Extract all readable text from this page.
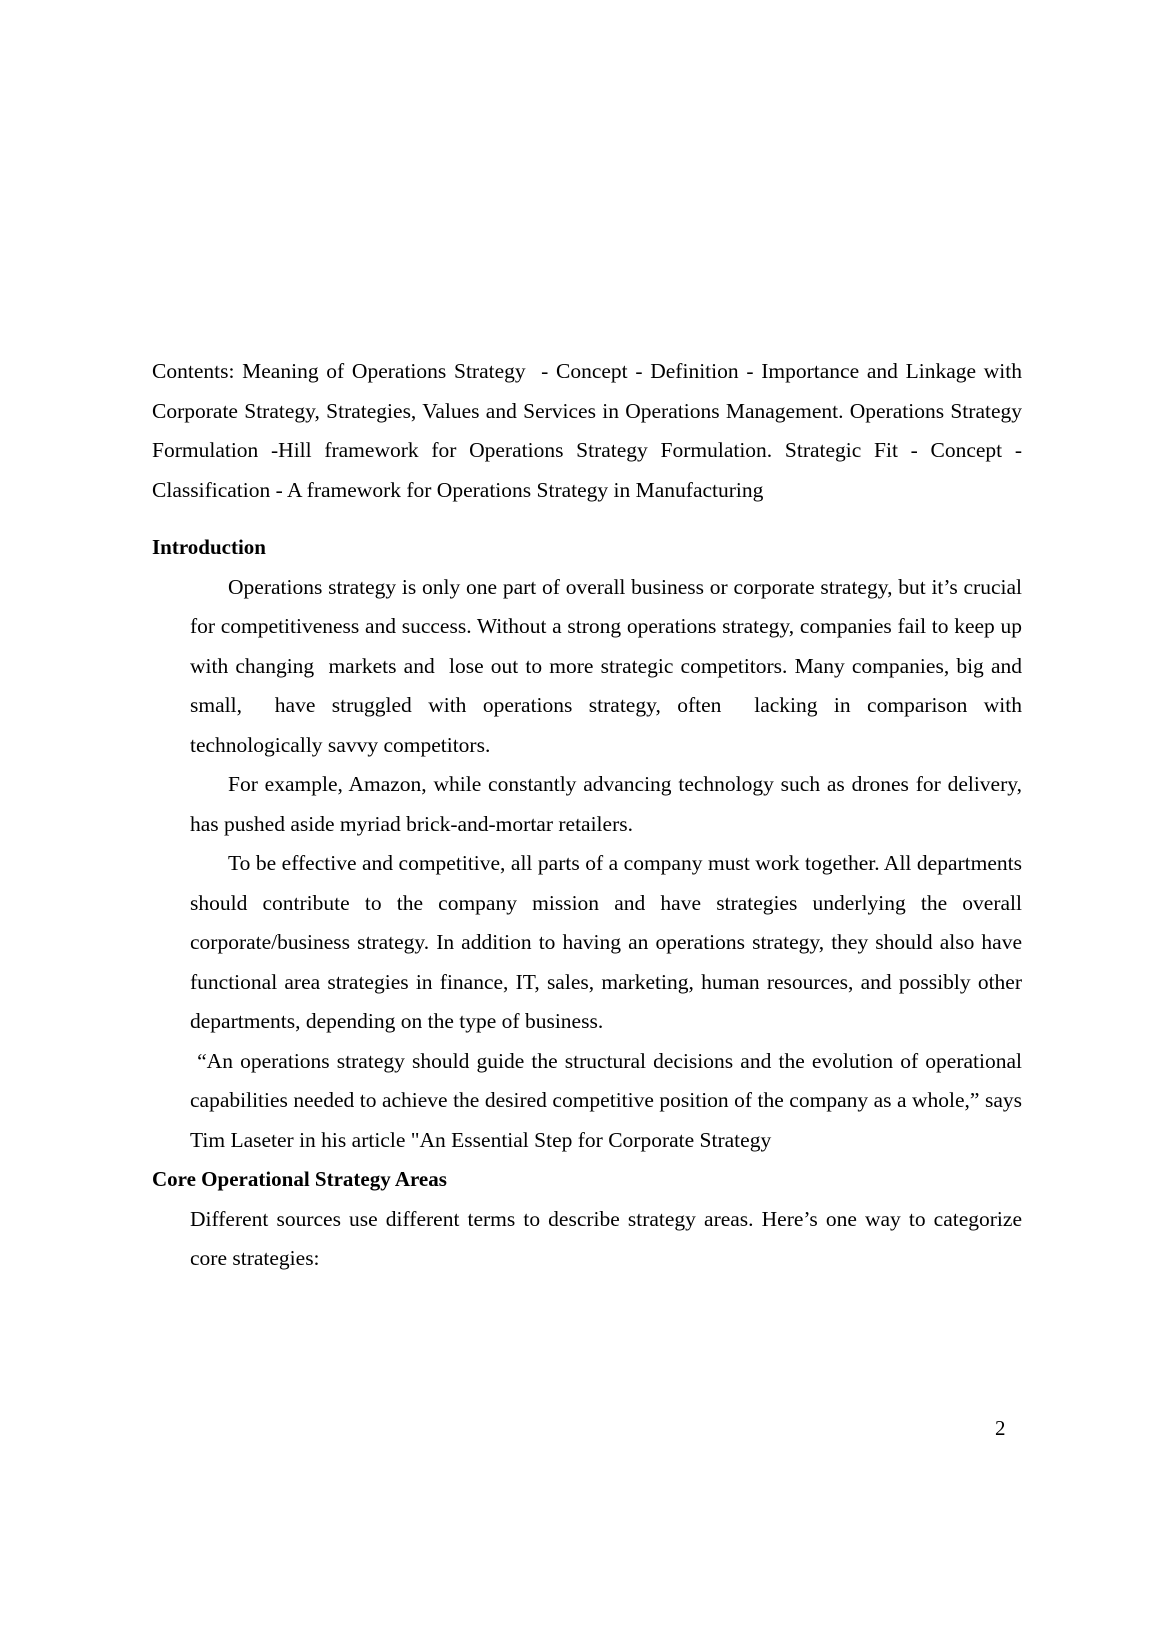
Contents: Meaning of Operations Strategy  - Concept - Definition - Importance and Linkage with Corporate Strategy, Strategies, Values and Services in Operations Management. Operations Strategy Formulation -Hill framework for Operations Strategy Formulation. Strategic Fit - Concept - Classification - A framework for Operations Strategy in Manufacturing

Introduction

Operations strategy is only one part of overall business or corporate strategy, but it’s crucial  for competitiveness and success. Without a strong operations strategy, companies fail to keep up with changing  markets and  lose out to more strategic competitors. Many companies, big and small,  have struggled with operations strategy, often  lacking in comparison with technologically savvy competitors.

For example, Amazon, while constantly advancing technology such as drones for delivery, has pushed aside myriad brick-and-mortar retailers.

To be effective and competitive, all parts of a company must work together. All departments should contribute to the company mission and have strategies underlying the overall corporate/business strategy. In addition to having an operations strategy, they should also have functional area strategies in finance, IT, sales, marketing, human resources, and possibly other departments, depending on the type of business.

“An operations strategy should guide the structural decisions and the evolution of operational capabilities needed to achieve the desired competitive position of the company as a whole,” says Tim Laseter in his article "An Essential Step for Corporate Strategy

Core Operational Strategy Areas

Different sources use different terms to describe strategy areas. Here’s one way to categorize core strategies:

2
